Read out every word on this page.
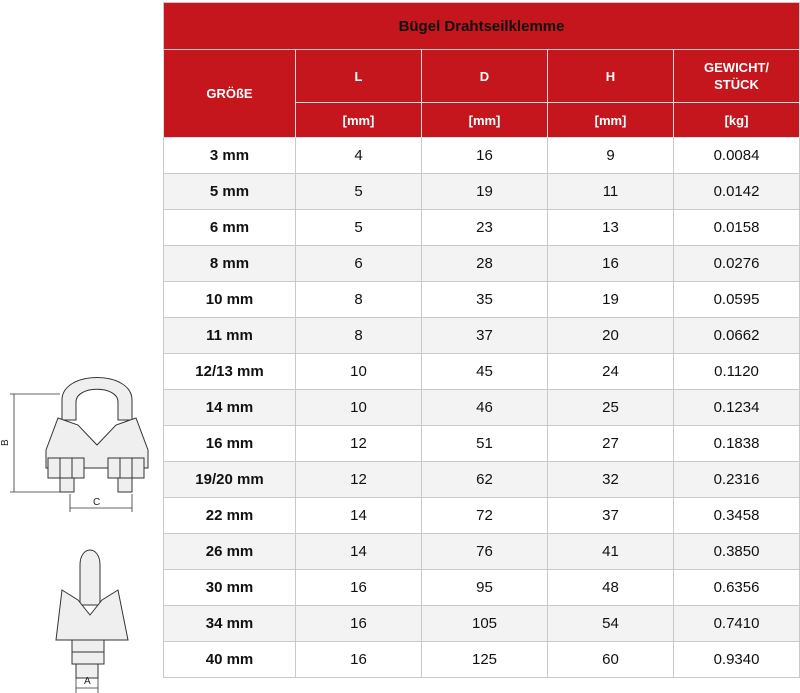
B
C
A
Bügel Drahtseilklemme				
GRÖßE	L	D	H	GEWICHT/
STÜCK
	[mm]	[mm]	[mm]	[kg]
3 mm	4	16	9	0.0084
5 mm	5	19	11	0.0142
6 mm	5	23	13	0.0158
8 mm	6	28	16	0.0276
10 mm	8	35	19	0.0595
11 mm	8	37	20	0.0662
12/13 mm	10	45	24	0.1120
14 mm	10	46	25	0.1234
16 mm	12	51	27	0.1838
19/20 mm	12	62	32	0.2316
22 mm	14	72	37	0.3458
26 mm	14	76	41	0.3850
30 mm	16	95	48	0.6356
34 mm	16	105	54	0.7410
40 mm	16	125	60	0.9340
